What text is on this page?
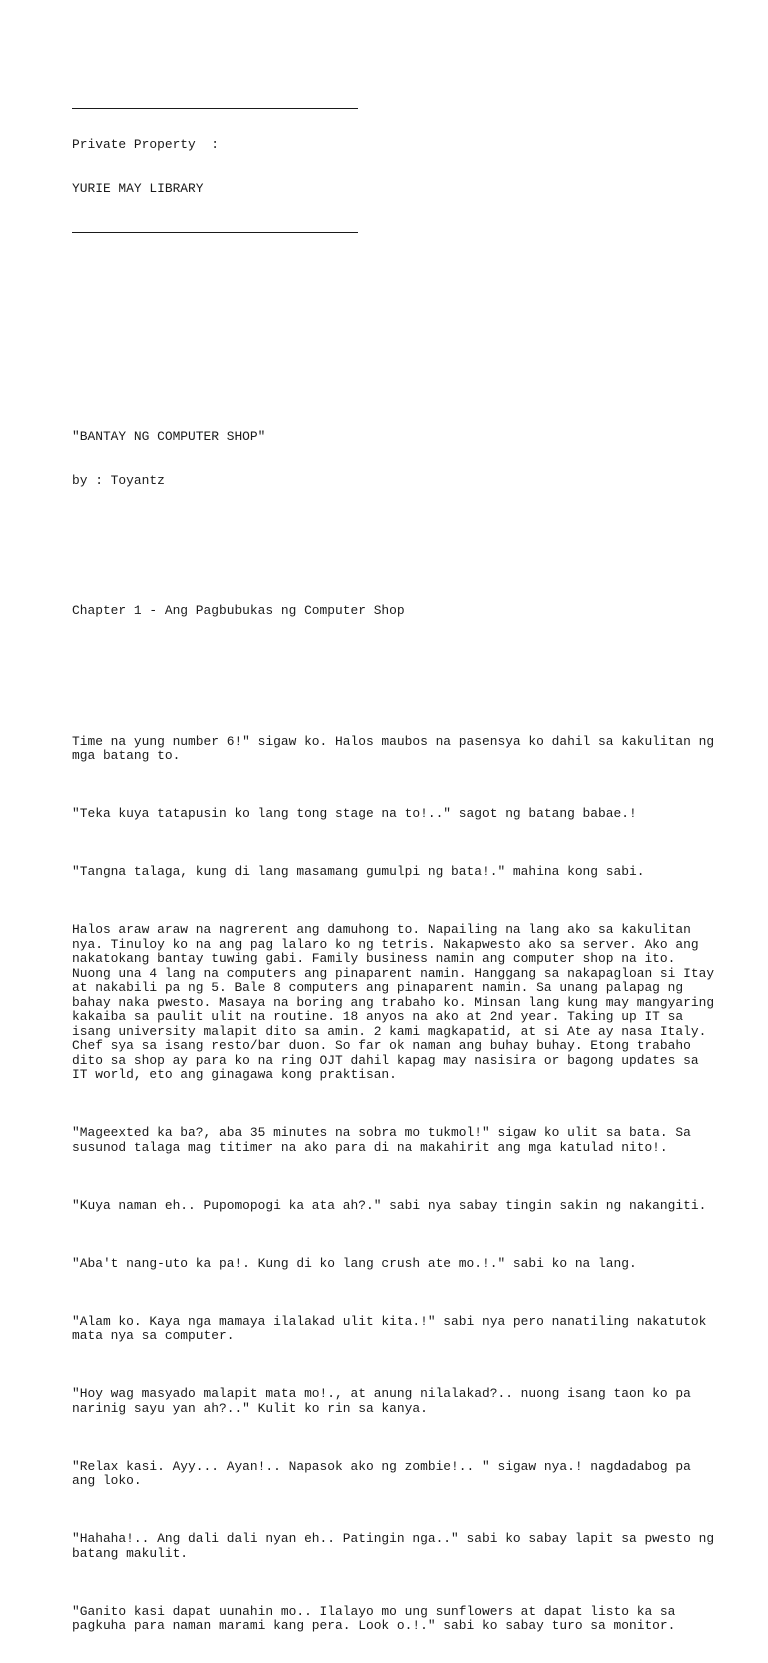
Private Property  :

YURIE MAY LIBRARY

"BANTAY NG COMPUTER SHOP"

by : Toyantz

Chapter 1 - Ang Pagbubukas ng Computer Shop

Time na yung number 6!" sigaw ko. Halos maubos na pasensya ko dahil sa kakulitan ng
mga batang to.

"Teka kuya tatapusin ko lang tong stage na to!.." sagot ng batang babae.!

"Tangna talaga, kung di lang masamang gumulpi ng bata!." mahina kong sabi.

Halos araw araw na nagrerent ang damuhong to. Napailing na lang ako sa kakulitan
nya. Tinuloy ko na ang pag lalaro ko ng tetris. Nakapwesto ako sa server. Ako ang
nakatokang bantay tuwing gabi. Family business namin ang computer shop na ito.
Nuong una 4 lang na computers ang pinaparent namin. Hanggang sa nakapagloan si Itay
at nakabili pa ng 5. Bale 8 computers ang pinaparent namin. Sa unang palapag ng
bahay naka pwesto. Masaya na boring ang trabaho ko. Minsan lang kung may mangyaring
kakaiba sa paulit ulit na routine. 18 anyos na ako at 2nd year. Taking up IT sa
isang university malapit dito sa amin. 2 kami magkapatid, at si Ate ay nasa Italy.
Chef sya sa isang resto/bar duon. So far ok naman ang buhay buhay. Etong trabaho
dito sa shop ay para ko na ring OJT dahil kapag may nasisira or bagong updates sa
IT world, eto ang ginagawa kong praktisan.

"Mageexted ka ba?, aba 35 minutes na sobra mo tukmol!" sigaw ko ulit sa bata. Sa
susunod talaga mag titimer na ako para di na makahirit ang mga katulad nito!.

"Kuya naman eh.. Pupomopogi ka ata ah?." sabi nya sabay tingin sakin ng nakangiti.

"Aba't nang-uto ka pa!. Kung di ko lang crush ate mo.!." sabi ko na lang.

"Alam ko. Kaya nga mamaya ilalakad ulit kita.!" sabi nya pero nanatiling nakatutok
mata nya sa computer.

"Hoy wag masyado malapit mata mo!., at anung nilalakad?.. nuong isang taon ko pa
narinig sayu yan ah?.." Kulit ko rin sa kanya.

"Relax kasi. Ayy... Ayan!.. Napasok ako ng zombie!.. " sigaw nya.! nagdadabog pa
ang loko.

"Hahaha!.. Ang dali dali nyan eh.. Patingin nga.." sabi ko sabay lapit sa pwesto ng
batang makulit.

"Ganito kasi dapat uunahin mo.. Ilalayo mo ung sunflowers at dapat listo ka sa
pagkuha para naman marami kang pera. Look o.!." sabi ko sabay turo sa monitor.
